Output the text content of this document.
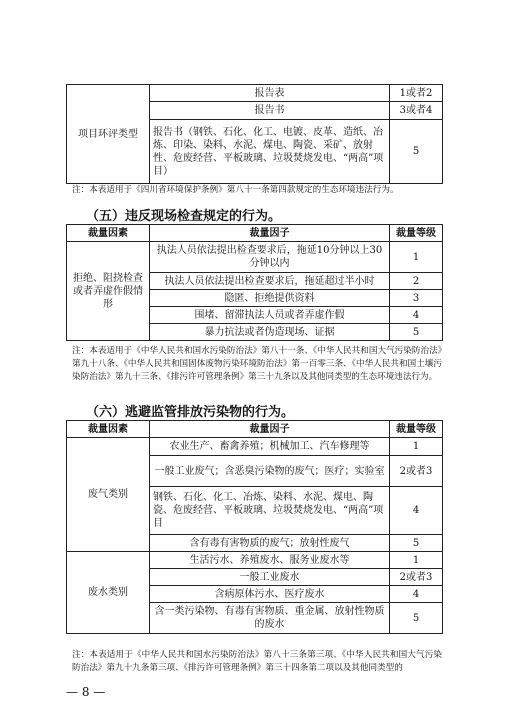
项目环评类型	报告表	1或者2
	报告书	3或者4
	报告书（钢铁、石化、化工、电镀、皮革、造纸、冶炼、印染、染料、水泥、煤电、陶瓷、采矿、放射性、危废经营、平板玻璃、垃圾焚烧发电、“两高”项目）	5
注：本表适用于《四川省环境保护条例》第八十一条第四款规定的生态环境违法行为。
（五）违反现场检查规定的行为。
裁量因素	裁量因子	裁量等级
拒绝、阻挠检查或者弄虚作假情形	执法人员依法提出检查要求后，拖延10分钟以上30分钟以内	1
	执法人员依法提出检查要求后，拖延超过半小时	2
	隐匿、拒绝提供资料	3
	围堵、留滞执法人员或者弄虚作假	4
	暴力抗法或者伪造现场、证据	5
注：本表适用于《中华人民共和国水污染防治法》第八十一条、《中华人民共和国大气污染防治法》第九十八条、《中华人民共和国固体废物污染环境防治法》第一百零三条、《中华人民共和国土壤污染防治法》第九十三条、《排污许可管理条例》第三十九条以及其他同类型的生态环境违法行为。
（六）逃避监管排放污染物的行为。
裁量因素	裁量因子	裁量等级
废气类别	农业生产、畜禽养殖；机械加工、汽车修理等	1
	一般工业废气；含恶臭污染物的废气；医疗；实验室	2或者3
	钢铁、石化、化工、冶炼、染料、水泥、煤电、陶瓷、危废经营、平板玻璃、垃圾焚烧发电、“两高”项目	4
	含有毒有害物质的废气；放射性废气	5
废水类别	生活污水、养殖废水、服务业废水等	1
	一般工业废水	2或者3
	含病原体污水、医疗废水	4
	含一类污染物、有毒有害物质、重金属、放射性物质的废水	5
注：本表适用于《中华人民共和国水污染防治法》第八十三条第三项、《中华人民共和国大气污染防治法》第九十九条第三项、《排污许可管理条例》第三十四条第二项以及其他同类型的
— 8 —
